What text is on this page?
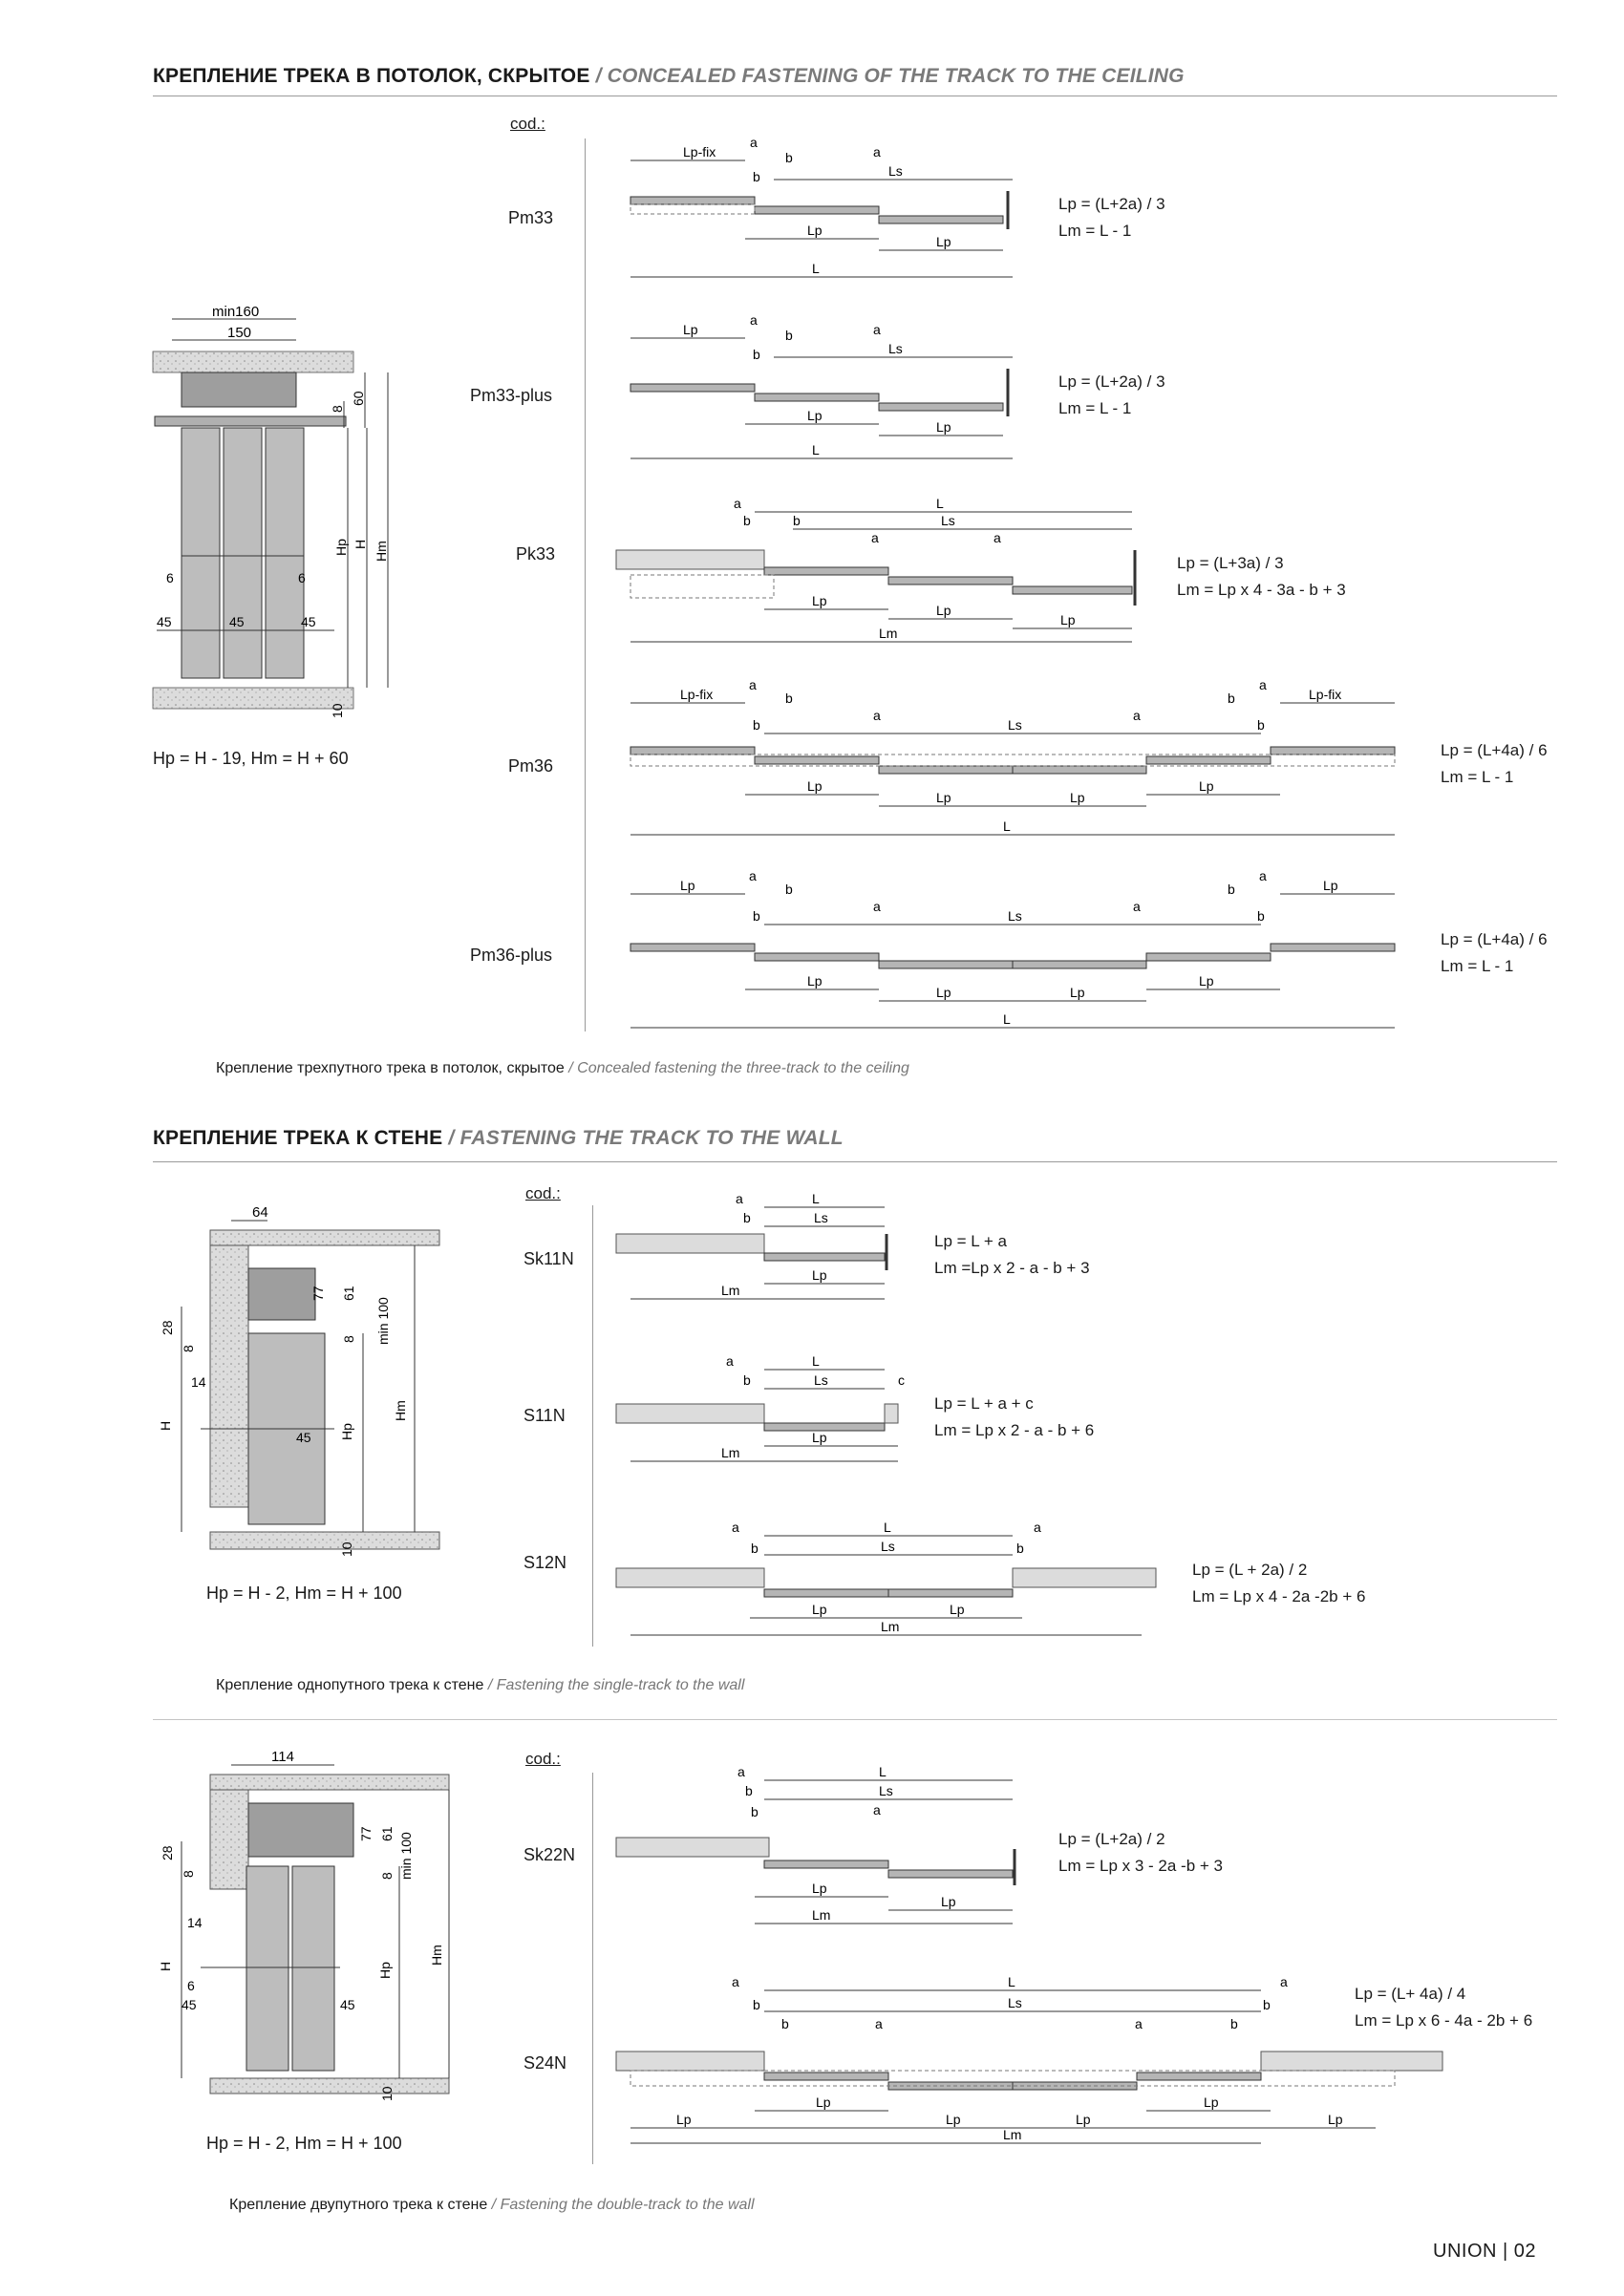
КРЕПЛЕНИЕ ТРЕКА В ПОТОЛОК, СКРЫТОЕ / CONCEALED FASTENING OF THE TRACK TO THE CEILING
cod.:
min160
150
8
60
Hp H Hm
6	6
45	45	45
10
Hp = H - 19, Hm = H + 60
Pm33
Lp-fix
a
b	a
Ls
b
Lp
Lp
L
Lp = (L+2a) / 3
Lm = L - 1
Pm33-plus
Lp
a
b	a
Ls
b
Lp
Lp
L
Lp = (L+2a) / 3
Lm = L - 1
Pk33
a	L
b	b	Ls
a	a
Lp
Lp
Lp
Lm
Lp = (L+3a) / 3
Lm = Lp x 4 - 3a - b + 3
Pm36
Lp-fix
a
b	b
a
Lp-fix
a	a
b	b
Ls
Lp
Lp	Lp
Lp
L
Lp = (L+4a) / 6
Lm = L - 1
Pm36-plus
Lp
a
b	b
a
Lp
a	a
b	b
Ls
Lp
Lp	Lp
Lp
L
Lp = (L+4a) / 6
Lm = L - 1
Крепление трехпутного трека в потолок, скрытое / Concealed fastening the three-track to the ceiling
КРЕПЛЕНИЕ ТРЕКА К СТЕНЕ / FASTENING THE TRACK TO THE WALL
cod.:
64
77 61
min 100
28
8
8
14
H
45 Hp
Hm
10
Hp = H - 2, Hm = H + 100
Sk11N
a	L
b	Ls
Lp
Lm
Lp = L + a
Lm =Lp x 2 - a - b + 3
S11N
a	L
b	Ls	c
Lp
Lm
Lp = L + a + c
Lm = Lp x 2 - a - b + 6
S12N
a	L	a
b	Ls	b
Lp	Lp
Lm
Lp = (L + 2a) / 2
Lm = Lp x 4 - 2a -2b + 6
Крепление однопутного трека к стене / Fastening the single-track to the wall
cod.:
114
77 61 min 100
28
8	8
14
H
6
45	45
Hp
Hm
10
Hp = H - 2, Hm = H + 100
Sk22N
a	L
b	Ls
a
b
Lp
Lp
Lm
Lp = (L+2a) / 2
Lm = Lp x 3 - 2a -b + 3
S24N
a	L	a
b	Ls	b
b	a	a	b
Lp	Lp
Lp	Lp	Lp	Lp
Lm
Lp = (L+ 4a) / 4
Lm = Lp x 6 - 4a - 2b + 6
Крепление двупутного трека к стене / Fastening the double-track to the wall
UNION | 02
